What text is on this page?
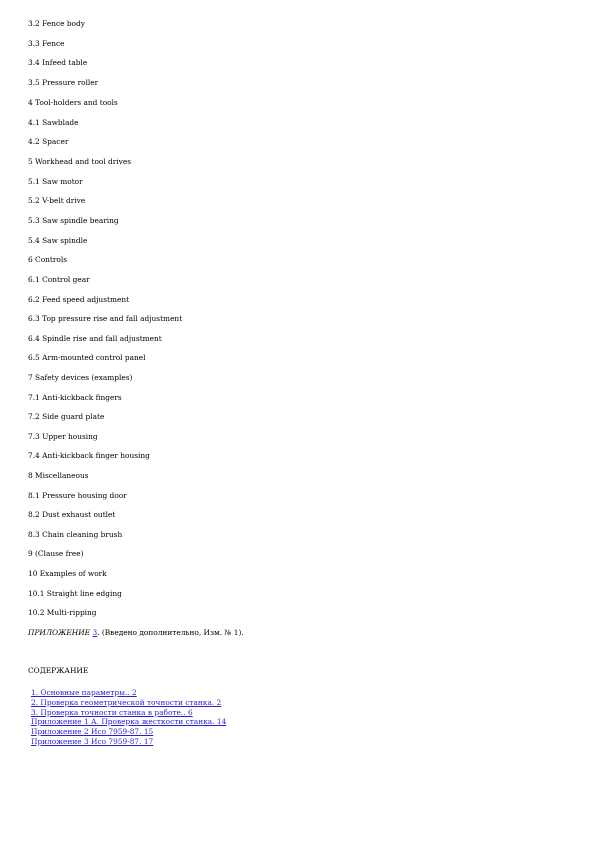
3.2 Fence body
3.3 Fence
3.4 Infeed table
3.5 Pressure roller
4 Tool-holders and tools
4.1 Sawblade
4.2 Spacer
5 Workhead and tool drives
5.1 Saw motor
5.2 V-belt drive
5.3 Saw spindle bearing
5.4 Saw spindle
6 Controls
6.1 Control gear
6.2 Feed speed adjustment
6.3 Top pressure rise and fall adjustment
6.4 Spindle rise and fall adjustment
6.5 Arm-mounted control panel
7 Safety devices (examples)
7.1 Anti-kickback fingers
7.2 Side guard plate
7.3 Upper housing
7.4 Anti-kickback finger housing
8 Miscellaneous
8.1 Pressure housing door
8.2 Dust exhaust outlet
8.3 Chain cleaning brush
9 (Clause free)
10 Examples of work
10.1 Straight line edging
10.2 Multi-ripping
ПРИЛОЖЕНИЕ 3. (Введено дополнительно, Изм. № 1).
СОДЕРЖАНИЕ
1. Основные параметры.. 2
2. Проверка геометрической точности станка. 2
3. Проверка точности станка в работе.. 6
Приложение 1 А. Проверка жесткости станка. 14
Приложение 2 Исо 7959-87. 15
Приложение 3 Исо 7959-87. 17
